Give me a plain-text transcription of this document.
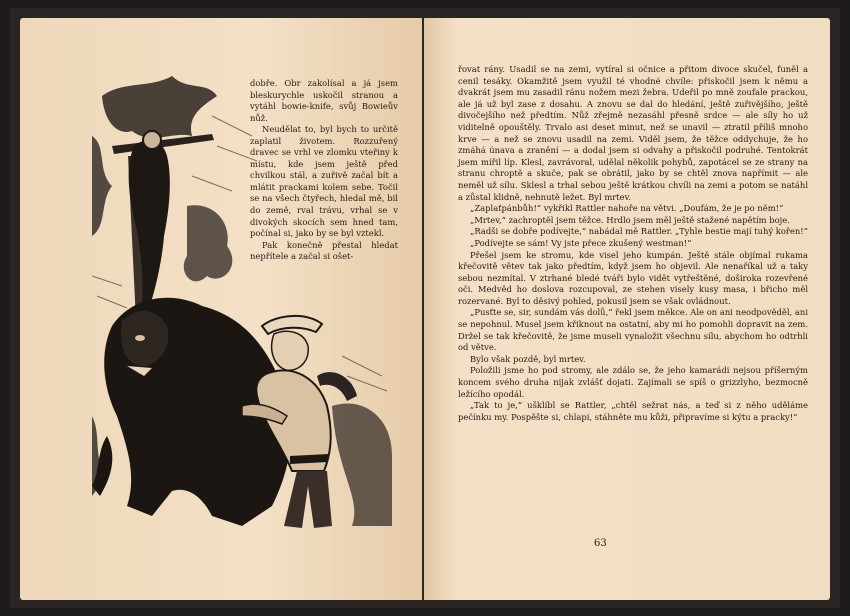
dobře. Obr zakolísal a já jsem bleskurychle uskočil stranou a vytáhl bowie-knife, svůj Bowieův nůž.

Neudělat to, byl bych to určitě zaplatil životem. Rozzuřený dravec se vrhl ve zlomku vteřiny k místu, kde jsem ještě před chvilkou stál, a zuřivě začal bít a mlátit prackami kolem sebe. Točil se na všech čtyřech, hledal mě, bil do země, rval trávu, vrhal se v divokých skocích sem hned tam, počínal si, jako by se byl vztekl.

Pak konečně přestal hledat nepřítele a začal si ošet-

řovat rány. Usadil se na zemi, vytíral si očnice a přitom divoce skučel, funěl a cenil tesáky. Okamžitě jsem využil té vhodné chvíle: přiskočil jsem k němu a dvakrát jsem mu zasadil ránu nožem mezi žebra. Udeřil po mně zoufale prackou, ale já už byl zase z dosahu. A znovu se dal do hledání, ještě zuřivějšího, ještě divočejšího než předtím. Nůž zřejmě nezasáhl přesně srdce — ale síly ho už viditelně opouštěly. Trvalo asi deset minut, než se unavil — ztratil příliš mnoho krve — a než se znovu usadil na zemi. Viděl jsem, že těžce oddychuje, že ho zmáhá únava a zranění — a dodal jsem si odvahy a přiskočil podruhé. Tentokrát jsem mířil líp. Klesl, zavrávoral, udělal několik pohybů, zapotácel se ze strany na stranu chroptě a skuče, pak se obrátil, jako by se chtěl znova napřímit — ale neměl už sílu. Sklesl a trhal sebou ještě krátkou chvíli na zemi a potom se natáhl a zůstal klidně, nehnutě ležet. Byl mrtev.

„Zaplaťpánbůh!“ vykřikl Rattler nahoře na větvi. „Doufám, že je po něm!“

„Mrtev,“ zachroptěl jsem těžce. Hrdlo jsem měl ještě stažené napětím boje.

„Radši se dobře podívejte,“ nabádal mě Rattler. „Tyhle bestie mají tuhý kořen!“

„Podívejte se sám! Vy jste přece zkušený westman!“

Přešel jsem ke stromu, kde visel jeho kumpán. Ještě stále objímal rukama křečovitě větev tak jako předtím, když jsem ho objevil. Ale nenaříkal už a taky sebou nezmítal. V ztrhané bledé tváři bylo vidět vytřeštěné, doširoka rozevřené oči. Medvěd ho doslova rozcupoval, ze stehen visely kusy masa, i břicho měl rozervané. Byl to děsivý pohled, pokusil jsem se však ovládnout.

„Pusťte se, sir, sundám vás dolů,“ řekl jsem měkce. Ale on ani neodpověděl, ani se nepohnul. Musel jsem křiknout na ostatní, aby mi ho pomohli dopravit na zem. Držel se tak křečovitě, že jsme museli vynaložit všechnu sílu, abychom ho odtrhli od větve.

Bylo však pozdě, byl mrtev.

Položili jsme ho pod stromy, ale zdálo se, že jeho kamarádi nejsou příšerným koncem svého druha nijak zvlášť dojati. Zajímali se spíš o grizzlyho, bezmocně ležícího opodál.

„Tak to je,“ ušklíbl se Rattler, „chtěl sežrat nás, a teď si z něho uděláme pečínku my. Pospěšte si, chlapi, stáhněte mu kůži, připravíme si kýtu a pracky!“

63
